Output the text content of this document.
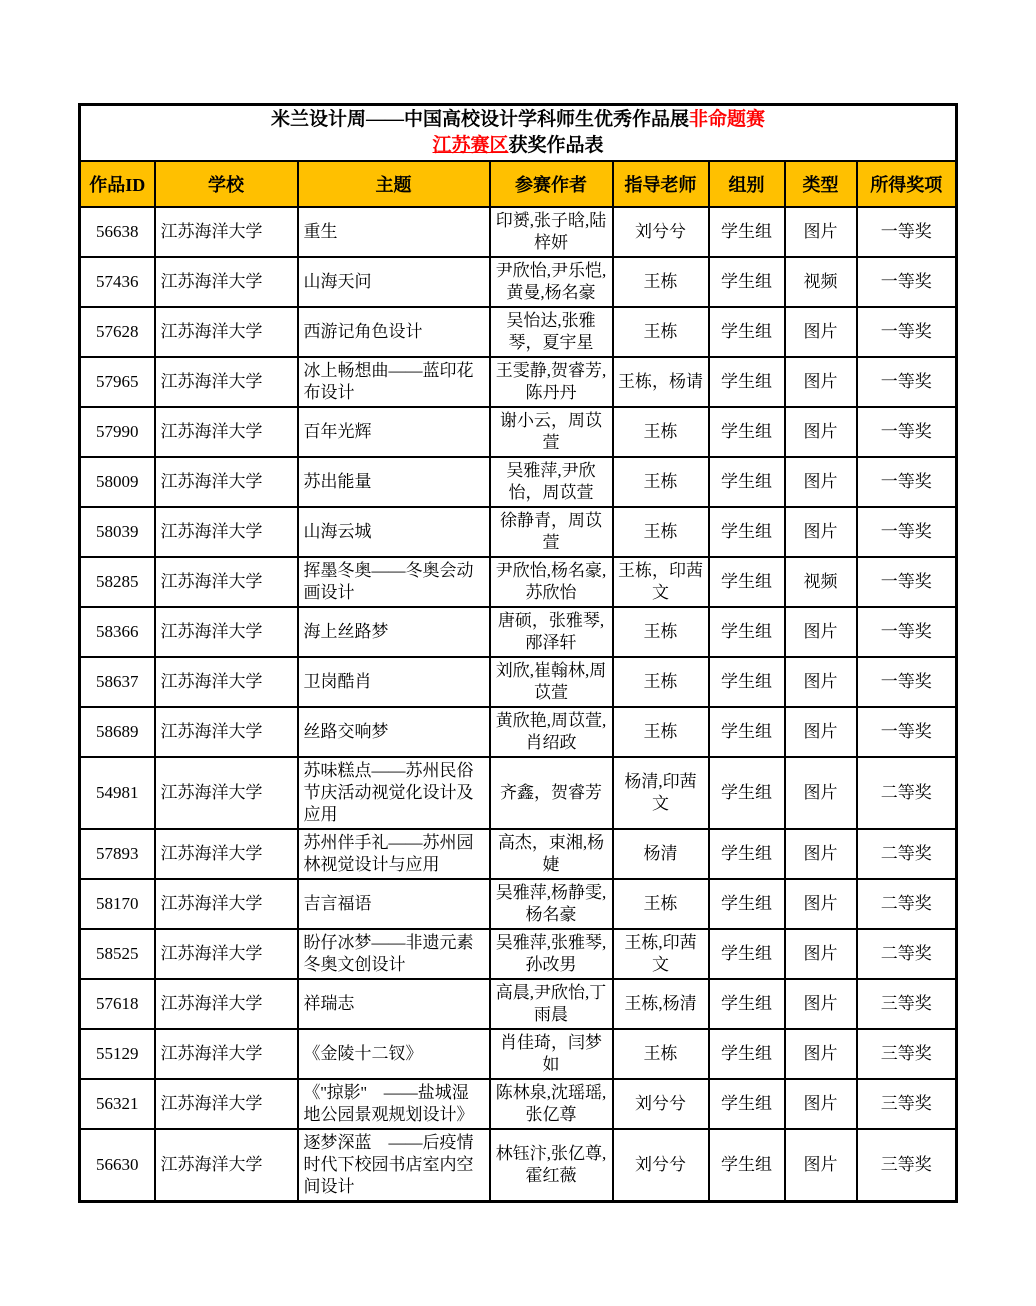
米兰设计周——中国高校设计学科师生优秀作品展非命题赛
江苏赛区获奖作品表							

作品ID	学校	主题	参赛作者	指导老师	组别	类型	所得奖项
56638	江苏海洋大学	重生	印赟,张子晗,陆梓妍	刘兮兮	学生组	图片	一等奖
57436	江苏海洋大学	山海天问	尹欣怡,尹乐恺,黄曼,杨名豪	王栋	学生组	视频	一等奖
57628	江苏海洋大学	西游记角色设计	吴怡达,张雅琴，夏宇星	王栋	学生组	图片	一等奖
57965	江苏海洋大学	冰上畅想曲——蓝印花布设计	王雯静,贺睿芳,陈丹丹	王栋，杨请	学生组	图片	一等奖
57990	江苏海洋大学	百年光辉	谢小云，周苡萱	王栋	学生组	图片	一等奖
58009	江苏海洋大学	苏出能量	吴雅萍,尹欣怡，周苡萱	王栋	学生组	图片	一等奖
58039	江苏海洋大学	山海云城	徐静青，周苡萱	王栋	学生组	图片	一等奖
58285	江苏海洋大学	挥墨冬奥——冬奥会动画设计	尹欣怡,杨名豪,苏欣怡	王栋，印茜文	学生组	视频	一等奖
58366	江苏海洋大学	海上丝路梦	唐硕，张雅琴,邴泽轩	王栋	学生组	图片	一等奖
58637	江苏海洋大学	卫岗酷肖	刘欣,崔翰林,周苡萱	王栋	学生组	图片	一等奖
58689	江苏海洋大学	丝路交响梦	黄欣艳,周苡萱,肖绍政	王栋	学生组	图片	一等奖
54981	江苏海洋大学	苏味糕点——苏州民俗节庆活动视觉化设计及应用	齐鑫，贺睿芳	杨清,印茜文	学生组	图片	二等奖
57893	江苏海洋大学	苏州伴手礼——苏州园林视觉设计与应用	高杰，束湘,杨婕	杨清	学生组	图片	二等奖
58170	江苏海洋大学	吉言福语	吴雅萍,杨静雯,杨名豪	王栋	学生组	图片	二等奖
58525	江苏海洋大学	盼仔冰梦——非遗元素冬奥文创设计	吴雅萍,张雅琴,孙改男	王栋,印茜文	学生组	图片	二等奖
57618	江苏海洋大学	祥瑞志	高晨,尹欣怡,丁雨晨	王栋,杨清	学生组	图片	三等奖
55129	江苏海洋大学	《金陵十二钗》	肖佳琦，闫梦如	王栋	学生组	图片	三等奖
56321	江苏海洋大学	《''掠影''　——盐城湿地公园景观规划设计》	陈林泉,沈瑶瑶,张亿尊	刘兮兮	学生组	图片	三等奖
56630	江苏海洋大学	逐梦深蓝　——后疫情时代下校园书店室内空间设计	林钰汴,张亿尊,霍红薇	刘兮兮	学生组	图片	三等奖
